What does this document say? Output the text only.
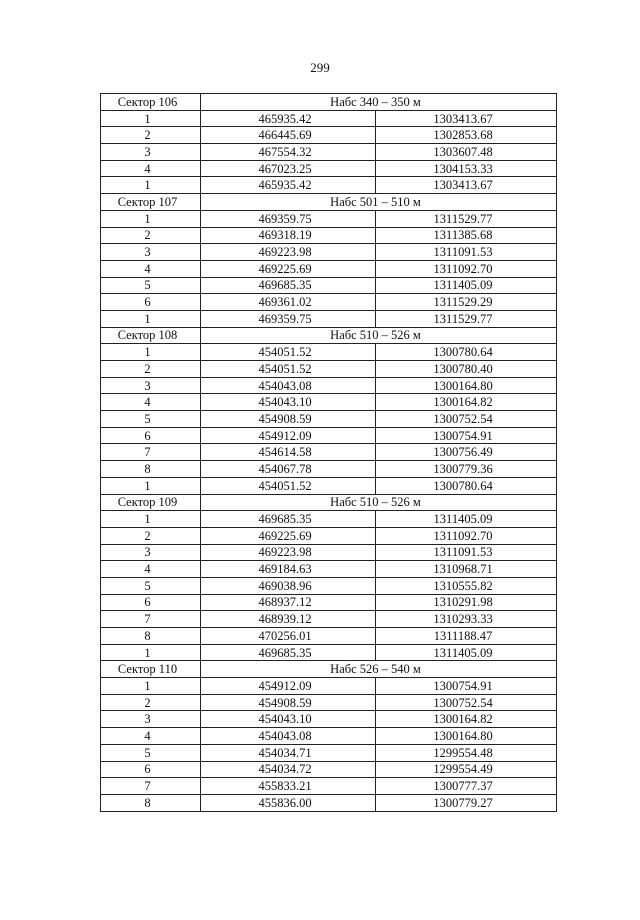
299
Сектор 106	Набс 340 – 350 м	
1	465935.42	1303413.67
2	466445.69	1302853.68
3	467554.32	1303607.48
4	467023.25	1304153.33
1	465935.42	1303413.67
Сектор 107	Набс 501 – 510 м	
1	469359.75	1311529.77
2	469318.19	1311385.68
3	469223.98	1311091.53
4	469225.69	1311092.70
5	469685.35	1311405.09
6	469361.02	1311529.29
1	469359.75	1311529.77
Сектор 108	Набс 510 – 526 м	
1	454051.52	1300780.64
2	454051.52	1300780.40
3	454043.08	1300164.80
4	454043.10	1300164.82
5	454908.59	1300752.54
6	454912.09	1300754.91
7	454614.58	1300756.49
8	454067.78	1300779.36
1	454051.52	1300780.64
Сектор 109	Набс 510 – 526 м	
1	469685.35	1311405.09
2	469225.69	1311092.70
3	469223.98	1311091.53
4	469184.63	1310968.71
5	469038.96	1310555.82
6	468937.12	1310291.98
7	468939.12	1310293.33
8	470256.01	1311188.47
1	469685.35	1311405.09
Сектор 110	Набс 526 – 540 м	
1	454912.09	1300754.91
2	454908.59	1300752.54
3	454043.10	1300164.82
4	454043.08	1300164.80
5	454034.71	1299554.48
6	454034.72	1299554.49
7	455833.21	1300777.37
8	455836.00	1300779.27
